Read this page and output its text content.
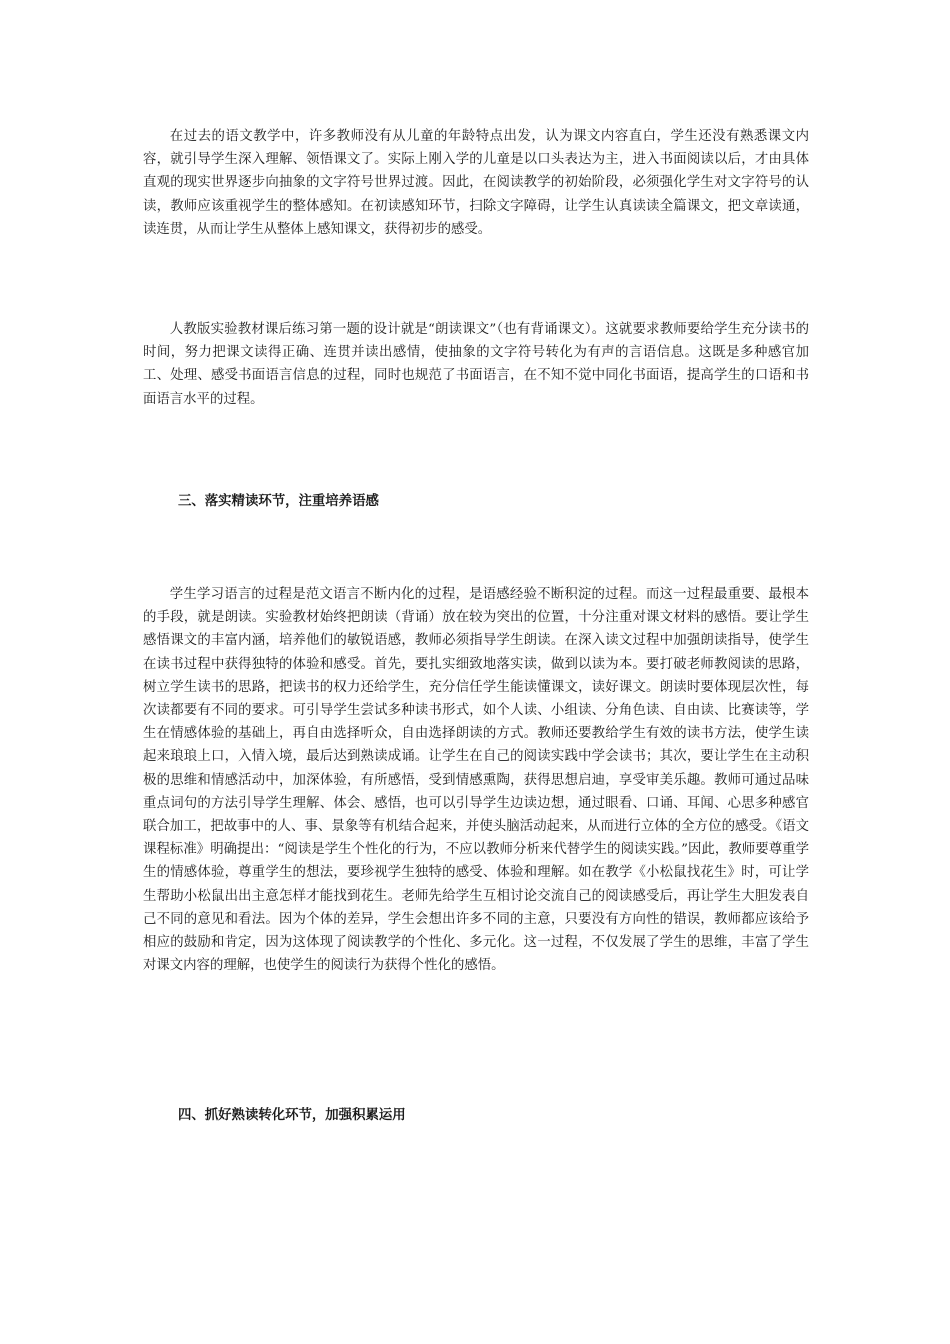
在过去的语文教学中，许多教师没有从儿童的年龄特点出发，认为课文内容直白，学生还没有熟悉课文内容，就引导学生深入理解、领悟课文了。实际上刚入学的儿童是以口头表达为主，进入书面阅读以后，才由具体直观的现实世界逐步向抽象的文字符号世界过渡。因此，在阅读教学的初始阶段，必须强化学生对文字符号的认读，教师应该重视学生的整体感知。在初读感知环节，扫除文字障碍，让学生认真读读全篇课文，把文章读通，读连贯，从而让学生从整体上感知课文，获得初步的感受。

人教版实验教材课后练习第一题的设计就是“朗读课文”（也有背诵课文）。这就要求教师要给学生充分读书的时间，努力把课文读得正确、连贯并读出感情，使抽象的文字符号转化为有声的言语信息。这既是多种感官加工、处理、感受书面语言信息的过程，同时也规范了书面语言，在不知不觉中同化书面语，提高学生的口语和书面语言水平的过程。

三、落实精读环节，注重培养语感

学生学习语言的过程是范文语言不断内化的过程，是语感经验不断积淀的过程。而这一过程最重要、最根本的手段，就是朗读。实验教材始终把朗读（背诵）放在较为突出的位置，十分注重对课文材料的感悟。要让学生感悟课文的丰富内涵，培养他们的敏锐语感，教师必须指导学生朗读。在深入读文过程中加强朗读指导，使学生在读书过程中获得独特的体验和感受。首先，要扎实细致地落实读，做到以读为本。要打破老师教阅读的思路，树立学生读书的思路，把读书的权力还给学生，充分信任学生能读懂课文，读好课文。朗读时要体现层次性，每次读都要有不同的要求。可引导学生尝试多种读书形式，如个人读、小组读、分角色读、自由读、比赛读等，学生在情感体验的基础上，再自由选择听众，自由选择朗读的方式。教师还要教给学生有效的读书方法，使学生读起来琅琅上口，入情入境，最后达到熟读成诵。让学生在自己的阅读实践中学会读书；其次，要让学生在主动积极的思维和情感活动中，加深体验，有所感悟，受到情感熏陶，获得思想启迪，享受审美乐趣。教师可通过品味重点词句的方法引导学生理解、体会、感悟，也可以引导学生边读边想，通过眼看、口诵、耳闻、心思多种感官联合加工，把故事中的人、事、景象等有机结合起来，并使头脑活动起来，从而进行立体的全方位的感受。《语文课程标准》明确提出：“阅读是学生个性化的行为，不应以教师分析来代替学生的阅读实践。”因此，教师要尊重学生的情感体验，尊重学生的想法，要珍视学生独特的感受、体验和理解。如在教学《小松鼠找花生》时，可让学生帮助小松鼠出出主意怎样才能找到花生。老师先给学生互相讨论交流自己的阅读感受后，再让学生大胆发表自己不同的意见和看法。因为个体的差异，学生会想出许多不同的主意，只要没有方向性的错误，教师都应该给予相应的鼓励和肯定，因为这体现了阅读教学的个性化、多元化。这一过程，不仅发展了学生的思维，丰富了学生对课文内容的理解，也使学生的阅读行为获得个性化的感悟。

四、抓好熟读转化环节，加强积累运用
